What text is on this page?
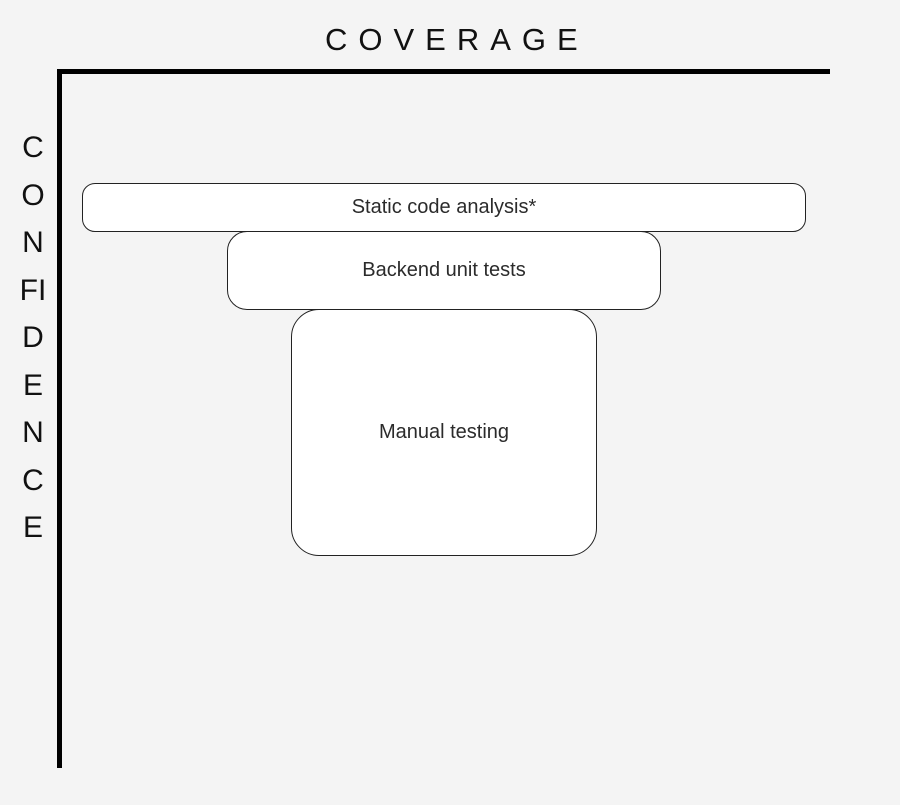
COVERAGE
CONFIDENCE
Static code analysis*
Backend unit tests
Manual testing
